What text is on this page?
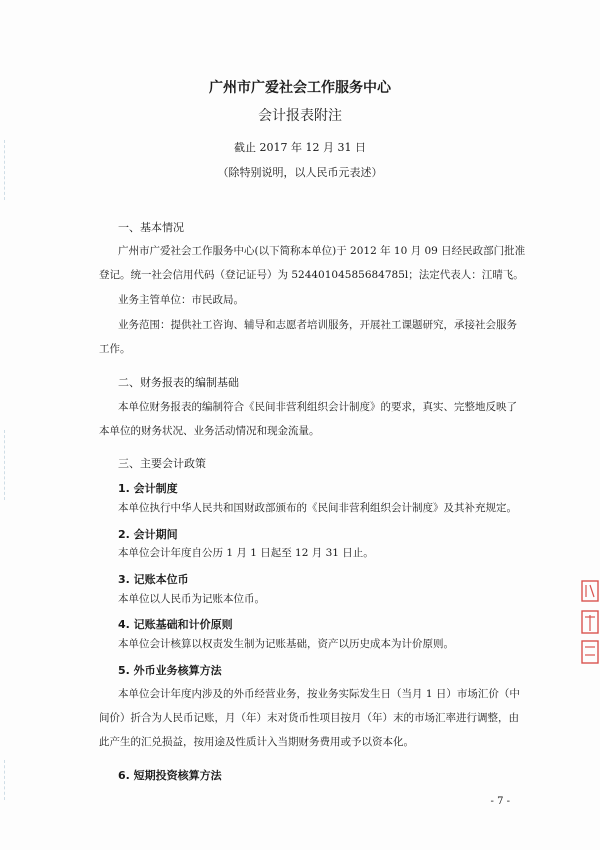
广州市广爱社会工作服务中心
会计报表附注
截止 2017 年 12 月 31 日
（除特别说明，以人民币元表述）
一、基本情况
广州市广爱社会工作服务中心(以下简称本单位)于 2012 年 10 月 09 日经民政部门批准
登记。统一社会信用代码（登记证号）为 52440104585684785l；法定代表人：江晴飞。
业务主管单位：市民政局。
业务范围：提供社工咨询、辅导和志愿者培训服务，开展社工课题研究，承接社会服务
工作。
二、财务报表的编制基础
本单位财务报表的编制符合《民间非营利组织会计制度》的要求，真实、完整地反映了
本单位的财务状况、业务活动情况和现金流量。
三、主要会计政策
1. 会计制度
本单位执行中华人民共和国财政部颁布的《民间非营利组织会计制度》及其补充规定。
2. 会计期间
本单位会计年度自公历 1 月 1 日起至 12 月 31 日止。
3. 记账本位币
本单位以人民币为记账本位币。
4. 记账基础和计价原则
本单位会计核算以权责发生制为记账基础，资产以历史成本为计价原则。
5. 外币业务核算方法
本单位会计年度内涉及的外币经营业务，按业务实际发生日（当月 1 日）市场汇价（中
间价）折合为人民币记账，月（年）末对货币性项目按月（年）末的市场汇率进行调整，由
此产生的汇兑损益，按用途及性质计入当期财务费用或予以资本化。
6. 短期投资核算方法
- 7 -
